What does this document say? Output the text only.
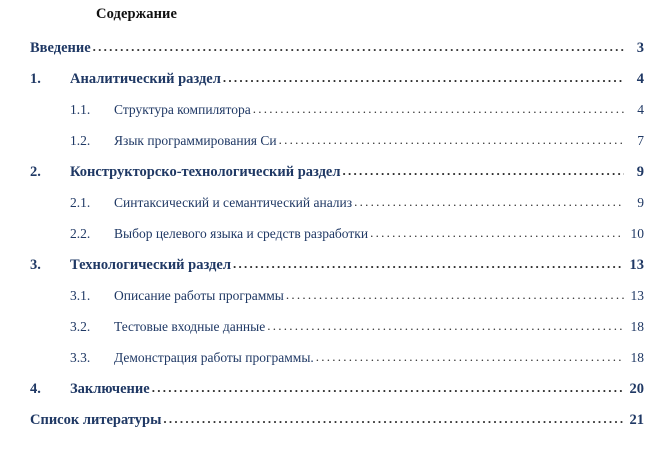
Содержание
Введение . . .	3
1.	Аналитический раздел . . .	4
1.1.	Структура компилятора . . .	4
1.2.	Язык программирования Си . . .	7
2.	Конструкторско-технологический раздел . . .	9
2.1.	Синтаксический и семантический анализ . . .	9
2.2.	Выбор целевого языка и средств разработки . . .	10
3.	Технологический раздел . . .	13
3.1.	Описание работы программы . . .	13
3.2.	Тестовые входные данные . . .	18
3.3.	Демонстрация работы программы. . . .	18
4.	Заключение . . .	20
Список литературы . . .	21
